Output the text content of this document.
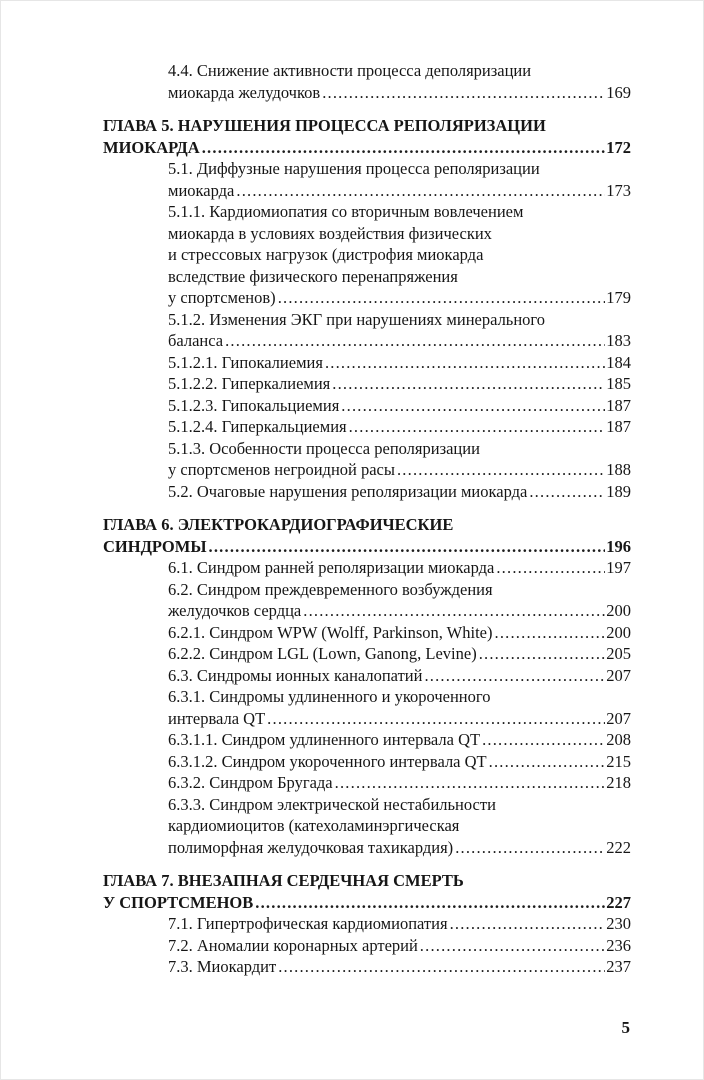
4.4. Снижение активности процесса деполяризации
миокарда желудочков .....	169
ГЛАВА 5. НАРУШЕНИЯ ПРОЦЕССА РЕПОЛЯРИЗАЦИИ
МИОКАРДА .....	172
5.1. Диффузные нарушения процесса реполяризации
миокарда .....	173
5.1.1. Кардиомиопатия со вторичным вовлечением
миокарда в условиях воздействия физических
и стрессовых нагрузок (дистрофия миокарда
вследствие физического перенапряжения
у спортсменов) .....	179
5.1.2. Изменения ЭКГ при нарушениях минерального
баланса .....	183
5.1.2.1. Гипокалиемия .....	184
5.1.2.2. Гиперкалиемия .....	185
5.1.2.3. Гипокальциемия .....	187
5.1.2.4. Гиперкальциемия .....	187
5.1.3. Особенности процесса реполяризации
у спортсменов негроидной расы .....	188
5.2. Очаговые нарушения реполяризации миокарда .....	189
ГЛАВА 6. ЭЛЕКТРОКАРДИОГРАФИЧЕСКИЕ
СИНДРОМЫ .....	196
6.1. Синдром ранней реполяризации миокарда .....	197
6.2. Синдром преждевременного возбуждения
желудочков сердца .....	200
6.2.1. Синдром WPW (Wolff, Parkinson, White) .....	200
6.2.2. Синдром LGL (Lown, Ganong, Levine) .....	205
6.3. Синдромы ионных каналопатий .....	207
6.3.1. Синдромы удлиненного и укороченного
интервала QT .....	207
6.3.1.1. Синдром удлиненного интервала QT .....	208
6.3.1.2. Синдром укороченного интервала QT .....	215
6.3.2. Синдром Бругада .....	218
6.3.3. Синдром электрической нестабильности
кардиомиоцитов (катехоламинэргическая
полиморфная желудочковая тахикардия) .....	222
ГЛАВА 7. ВНЕЗАПНАЯ СЕРДЕЧНАЯ СМЕРТЬ
У СПОРТСМЕНОВ .....	227
7.1. Гипертрофическая кардиомиопатия .....	230
7.2. Аномалии коронарных артерий .....	236
7.3. Миокардит .....	237
5
